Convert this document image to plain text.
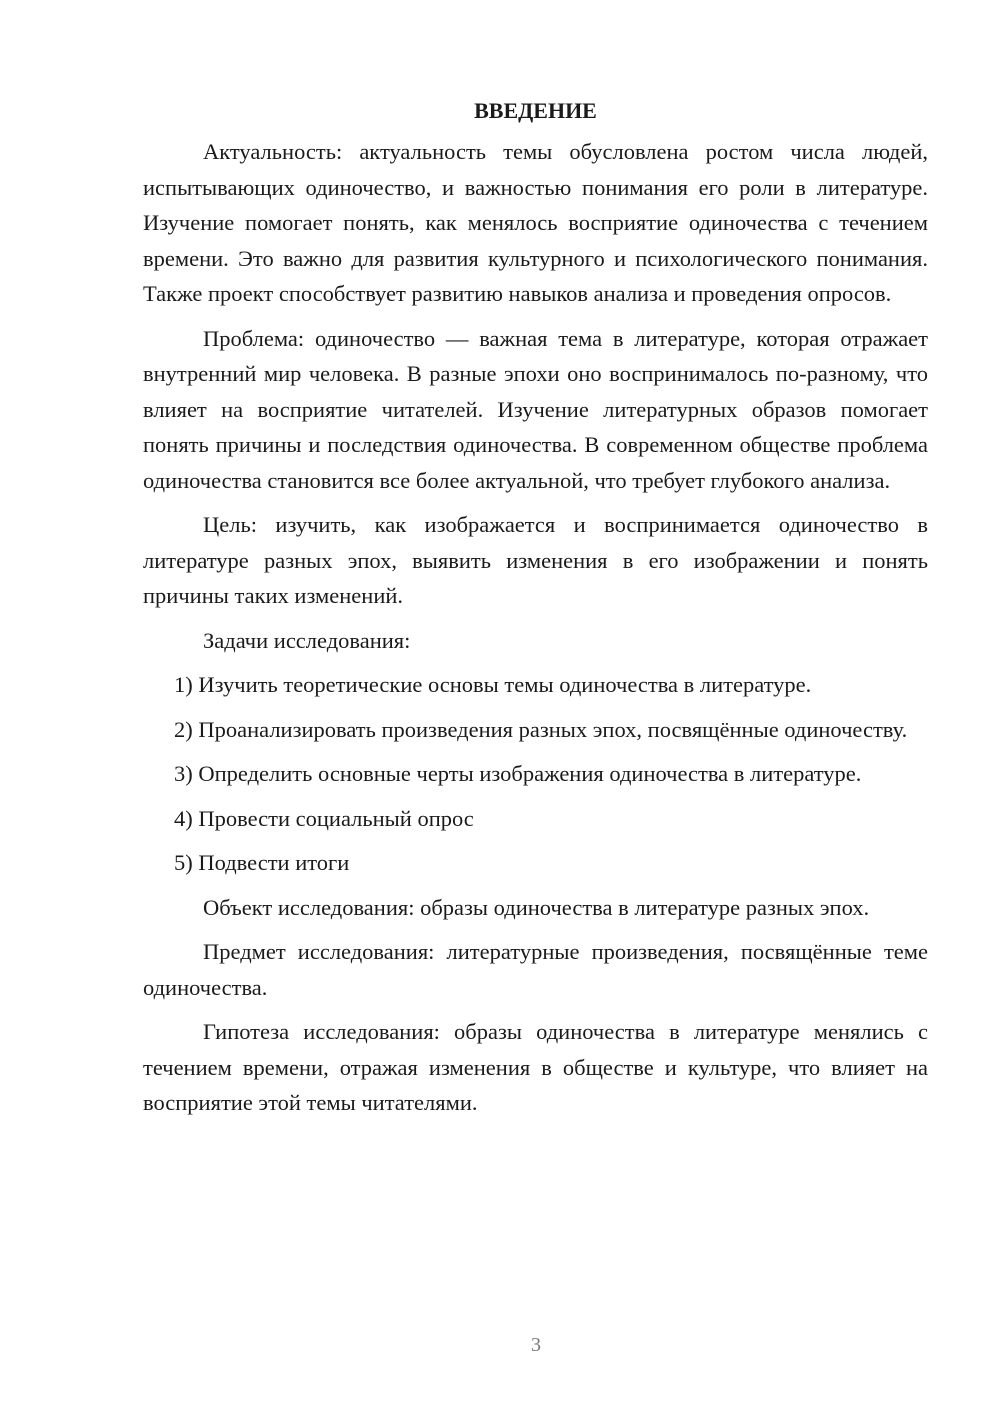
ВВЕДЕНИЕ

Актуальность: актуальность темы обусловлена ростом числа людей, испытывающих одиночество, и важностью понимания его роли в литературе. Изучение помогает понять, как менялось восприятие одиночества с течением времени. Это важно для развития культурного и психологического понимания. Также проект способствует развитию навыков анализа и проведения опросов.

Проблема: одиночество — важная тема в литературе, которая отражает внутренний мир человека. В разные эпохи оно воспринималось по-разному, что влияет на восприятие читателей. Изучение литературных образов помогает понять причины и последствия одиночества. В современном обществе проблема одиночества становится все более актуальной, что требует глубокого анализа.

Цель: изучить, как изображается и воспринимается одиночество в литературе разных эпох, выявить изменения в его изображении и понять причины таких изменений.

Задачи исследования:

1) Изучить теоретические основы темы одиночества в литературе.

2) Проанализировать произведения разных эпох, посвящённые одиночеству.

3) Определить основные черты изображения одиночества в литературе.

4) Провести социальный опрос

5) Подвести итоги

Объект исследования: образы одиночества в литературе разных эпох.

Предмет исследования: литературные произведения, посвящённые теме одиночества.

Гипотеза исследования: образы одиночества в литературе менялись с течением времени, отражая изменения в обществе и культуре, что влияет на восприятие этой темы читателями.

3
